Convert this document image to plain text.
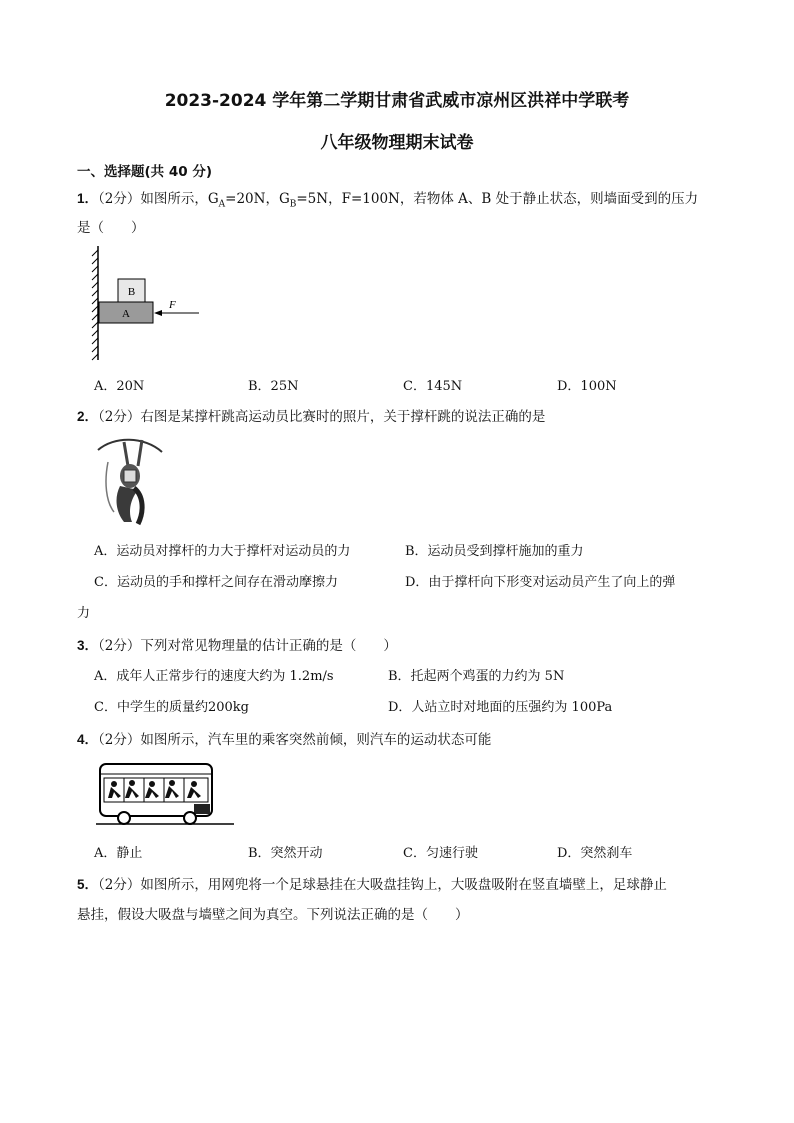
2023-2024 学年第二学期甘肃省武威市凉州区洪祥中学联考
八年级物理期末试卷
一、选择题(共 40 分)
1．（2分）如图所示，$G_A=20N$，$G_B=5N$，F=100N，若物体 A、B 处于静止状态，则墙面受到的压力
是（　　）
B
A
F
A．20N	B．25N	C．145N	D．100N
2．（2分）右图是某撑杆跳高运动员比赛时的照片，关于撑杆跳的说法正确的是
A．运动员对撑杆的力大于撑杆对运动员的力	B．运动员受到撑杆施加的重力
C．运动员的手和撑杆之间存在滑动摩擦力	D．由于撑杆向下形变对运动员产生了向上的弹
力
3．（2分）下列对常见物理量的估计正确的是（　　）
A．成年人正常步行的速度大约为 1.2m/s	B．托起两个鸡蛋的力约为 5N
C．中学生的质量约200kg	D．人站立时对地面的压强约为 100Pa
4．（2分）如图所示，汽车里的乘客突然前倾，则汽车的运动状态可能
A．静止	B．突然开动	C．匀速行驶	D．突然刹车
5．（2分）如图所示，用网兜将一个足球悬挂在大吸盘挂钩上，大吸盘吸附在竖直墙壁上，足球静止
悬挂，假设大吸盘与墙壁之间为真空。下列说法正确的是（　　）
